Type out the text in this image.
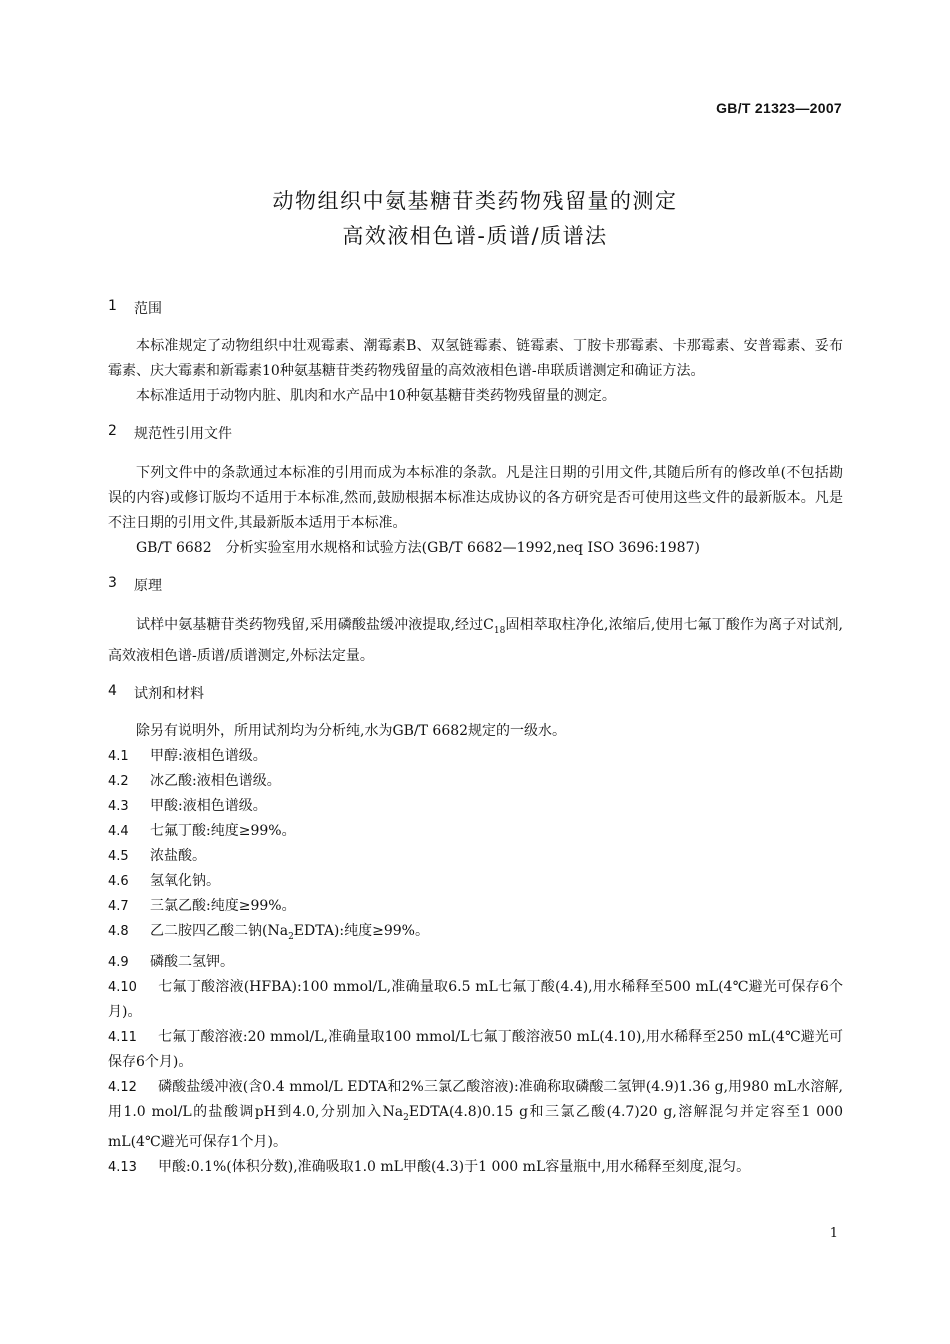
GB/T 21323—2007
动物组织中氨基糖苷类药物残留量的测定
高效液相色谱-质谱/质谱法
1	范围

本标准规定了动物组织中壮观霉素、潮霉素B、双氢链霉素、链霉素、丁胺卡那霉素、卡那霉素、安普霉素、妥布霉素、庆大霉素和新霉素10种氨基糖苷类药物残留量的高效液相色谱-串联质谱测定和确证方法。

本标准适用于动物内脏、肌肉和水产品中10种氨基糖苷类药物残留量的测定。

2	规范性引用文件

下列文件中的条款通过本标准的引用而成为本标准的条款。凡是注日期的引用文件,其随后所有的修改单(不包括勘误的内容)或修订版均不适用于本标准,然而,鼓励根据本标准达成协议的各方研究是否可使用这些文件的最新版本。凡是不注日期的引用文件,其最新版本适用于本标准。

GB/T 6682　分析实验室用水规格和试验方法(GB/T 6682—1992,neq ISO 3696:1987)

3	原理

试样中氨基糖苷类药物残留,采用磷酸盐缓冲液提取,经过$C_{18}$固相萃取柱净化,浓缩后,使用七氟丁酸作为离子对试剂,高效液相色谱-质谱/质谱测定,外标法定量。

4	试剂和材料

除另有说明外，所用试剂均为分析纯,水为GB/T 6682规定的一级水。

4.1 甲醇:液相色谱级。
4.2 冰乙酸:液相色谱级。
4.3 甲酸:液相色谱级。
4.4 七氟丁酸:纯度≥99%。
4.5 浓盐酸。
4.6 氢氧化钠。
4.7 三氯乙酸:纯度≥99%。
4.8 乙二胺四乙酸二钠$(Na_2EDTA)$:纯度≥99%。
4.9 磷酸二氢钾。
4.10 七氟丁酸溶液(HFBA):100 mmol/L,准确量取6.5 mL七氟丁酸(4.4),用水稀释至500 mL(4℃避光可保存6个月)。
4.11 七氟丁酸溶液:20 mmol/L,准确量取100 mmol/L七氟丁酸溶液50 mL(4.10),用水稀释至250 mL(4℃避光可保存6个月)。
4.12 磷酸盐缓冲液(含0.4 mmol/L EDTA和2%三氯乙酸溶液):准确称取磷酸二氢钾(4.9)1.36 g,用980 mL水溶解,用1.0 mol/L的盐酸调pH到4.0,分别加入$Na_2EDTA(4.8)0.15$ g和三氯乙酸(4.7)20 g,溶解混匀并定容至1 000 mL(4℃避光可保存1个月)。
4.13 甲酸:0.1%(体积分数),准确吸取1.0 mL甲酸(4.3)于1 000 mL容量瓶中,用水稀释至刻度,混匀。
1
